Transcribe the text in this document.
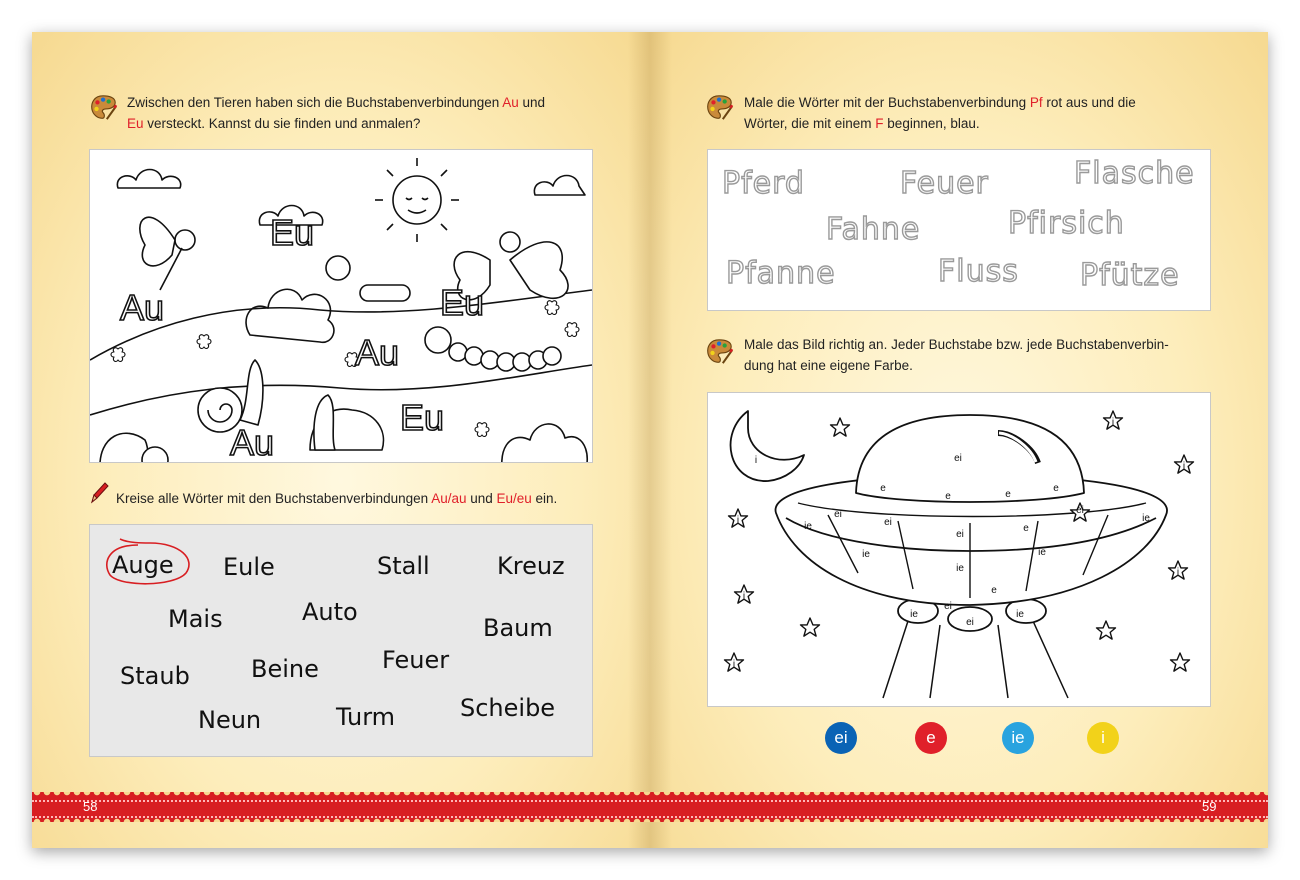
Zwischen den Tieren haben sich die Buchstabenverbindungen Au und
Eu versteckt. Kannst du sie finden und anmalen?
Eu
Au	Eu
Au
Au
Eu
Kreise alle Wörter mit den Buchstabenverbindungen Au/au und Eu/eu ein.
Auge Eule	Stall	Kreuz
Mais	Auto
Baum
Staub	Beine	Feuer
Neun	Turm	Scheibe
Male die Wörter mit der Buchstabenverbindung Pf rot aus und die
Wörter, die mit einem F beginnen, blau.
Pferd	Feuer	Flasche
Fahne	Pfirsich
Pfanne	Fluss Pfütze
Male das Bild richtig an. Jeder Buchstabe bzw. jede Buchstabenverbin-
dung hat eine eigene Farbe.
i	ei
e
e	e
e
ei
ei
ei
ei
ei
ie
ie
ie
ie
ie
e
e
ie	ie
ei
i
i
i
i
i
i
ei	e	ie	i
58	59
